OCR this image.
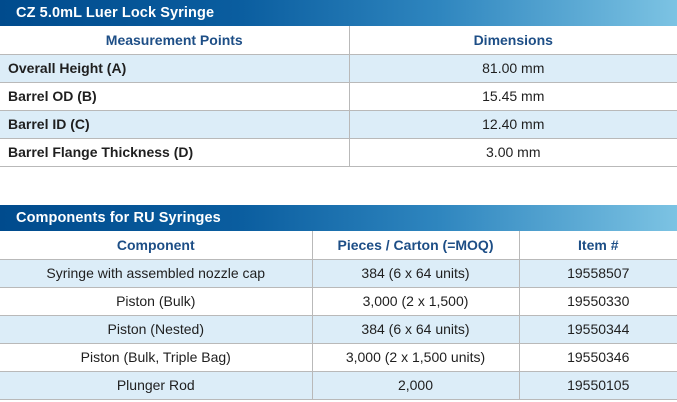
CZ 5.0mL Luer Lock Syringe
Measurement Points	Dimensions
Overall Height (A)	81.00 mm
Barrel OD (B)	15.45 mm
Barrel ID (C)	12.40 mm
Barrel Flange Thickness (D)	3.00 mm
Components for RU Syringes
Component	Pieces / Carton (=MOQ)	Item #
Syringe with assembled nozzle cap	384 (6 x 64 units)	19558507
Piston (Bulk)	3,000 (2 x 1,500)	19550330
Piston (Nested)	384 (6 x 64 units)	19550344
Piston (Bulk, Triple Bag)	3,000 (2 x 1,500 units)	19550346
Plunger Rod	2,000	19550105
